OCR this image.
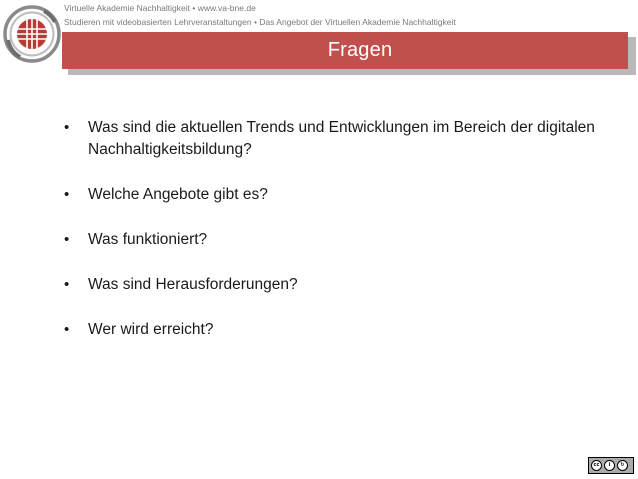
Virtuelle Akademie Nachhaltigkeit • www.va-bne.de
Studieren mit videobasierten Lehrveranstaltungen • Das Angebot der Virtuellen Akademie Nachhaltigkeit
Fragen
• Was sind die aktuellen Trends und Entwicklungen im Bereich der digitalen Nachhaltigkeitsbildung?
• Welche Angebote gibt es?
• Was funktioniert?
• Was sind Herausforderungen?
• Wer wird erreicht?
cc	i	↻
